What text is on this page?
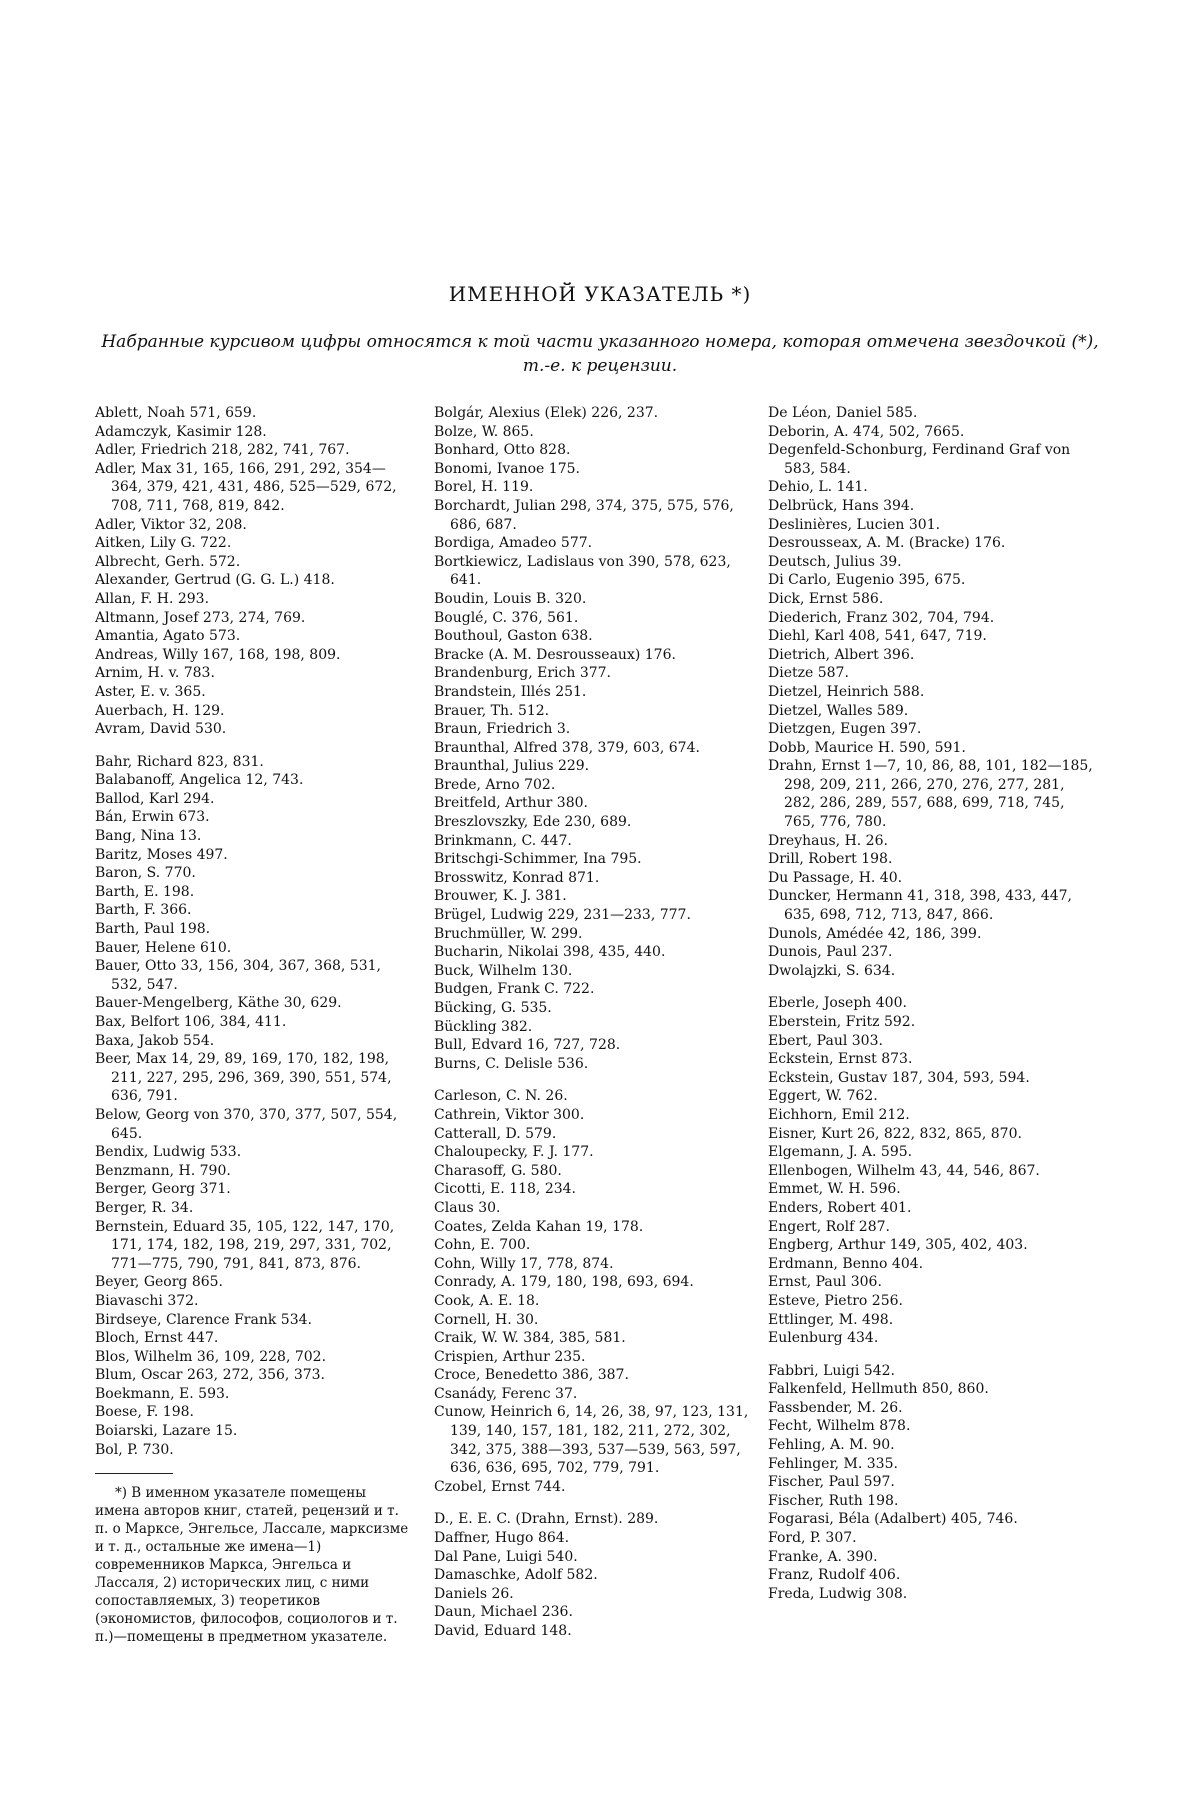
ИМЕННОЙ УКАЗАТЕЛЬ *)
Набранные курсивом цифры относятся к той части указанного номера, которая отмечена звездочкой (*), т.-е. к рецензии.
Ablett, Noah 571, 659.
Adamczyk, Kasimir 128.
Adler, Friedrich 218, 282, 741, 767.
Adler, Max 31, 165, 166, 291, 292, 354—364, 379, 421, 431, 486, 525—529, 672, 708, 711, 768, 819, 842.
Adler, Viktor 32, 208.
Aitken, Lily G. 722.
Albrecht, Gerh. 572.
Alexander, Gertrud (G. G. L.) 418.
Allan, F. H. 293.
Altmann, Josef 273, 274, 769.
Amantia, Agato 573.
Andreas, Willy 167, 168, 198, 809.
Arnim, H. v. 783.
Aster, E. v. 365.
Auerbach, H. 129.
Avram, David 530.
Bahr, Richard 823, 831.
Balabanoff, Angelica 12, 743.
Ballod, Karl 294.
Bán, Erwin 673.
Bang, Nina 13.
Baritz, Moses 497.
Baron, S. 770.
Barth, E. 198.
Barth, F. 366.
Barth, Paul 198.
Bauer, Helene 610.
Bauer, Otto 33, 156, 304, 367, 368, 531, 532, 547.
Bauer-Mengelberg, Käthe 30, 629.
Bax, Belfort 106, 384, 411.
Baxa, Jakob 554.
Beer, Max 14, 29, 89, 169, 170, 182, 198, 211, 227, 295, 296, 369, 390, 551, 574, 636, 791.
Below, Georg von 370, 370, 377, 507, 554, 645.
Bendix, Ludwig 533.
Benzmann, H. 790.
Berger, Georg 371.
Berger, R. 34.
Bernstein, Eduard 35, 105, 122, 147, 170, 171, 174, 182, 198, 219, 297, 331, 702, 771—775, 790, 791, 841, 873, 876.
Beyer, Georg 865.
Biavaschi 372.
Birdseye, Clarence Frank 534.
Bloch, Ernst 447.
Blos, Wilhelm 36, 109, 228, 702.
Blum, Oscar 263, 272, 356, 373.
Boekmann, E. 593.
Boese, F. 198.
Boiarski, Lazare 15.
Bol, P. 730.
*) В именном указателе помещены имена авторов книг, статей, рецензий и т. п. о Марксе, Энгельсе, Лассале, марксизме и т. д., остальные же имена—1) современников Маркса, Энгельса и Лассаля, 2) исторических лиц, с ними сопоставляемых, 3) теоретиков (экономистов, философов, социологов и т. п.)—помещены в предметном указателе.
Bolgár, Alexius (Elek) 226, 237.
Bolze, W. 865.
Bonhard, Otto 828.
Bonomi, Ivanoe 175.
Borel, H. 119.
Borchardt, Julian 298, 374, 375, 575, 576, 686, 687.
Bordiga, Amadeo 577.
Bortkiewicz, Ladislaus von 390, 578, 623, 641.
Boudin, Louis B. 320.
Bouglé, C. 376, 561.
Bouthoul, Gaston 638.
Bracke (A. M. Desrousseaux) 176.
Brandenburg, Erich 377.
Brandstein, Illés 251.
Brauer, Th. 512.
Braun, Friedrich 3.
Braunthal, Alfred 378, 379, 603, 674.
Braunthal, Julius 229.
Brede, Arno 702.
Breitfeld, Arthur 380.
Breszlovszky, Ede 230, 689.
Brinkmann, C. 447.
Britschgi-Schimmer, Ina 795.
Brosswitz, Konrad 871.
Brouwer, K. J. 381.
Brügel, Ludwig 229, 231—233, 777.
Bruchmüller, W. 299.
Bucharin, Nikolai 398, 435, 440.
Buck, Wilhelm 130.
Budgen, Frank C. 722.
Bücking, G. 535.
Bückling 382.
Bull, Edvard 16, 727, 728.
Burns, C. Delisle 536.
Carleson, C. N. 26.
Cathrein, Viktor 300.
Catterall, D. 579.
Chaloupecky, F. J. 177.
Charasoff, G. 580.
Cicotti, E. 118, 234.
Claus 30.
Coates, Zelda Kahan 19, 178.
Cohn, E. 700.
Cohn, Willy 17, 778, 874.
Conrady, A. 179, 180, 198, 693, 694.
Cook, A. E. 18.
Cornell, H. 30.
Craik, W. W. 384, 385, 581.
Crispien, Arthur 235.
Croce, Benedetto 386, 387.
Csanády, Ferenc 37.
Cunow, Heinrich 6, 14, 26, 38, 97, 123, 131, 139, 140, 157, 181, 182, 211, 272, 302, 342, 375, 388—393, 537—539, 563, 597, 636, 636, 695, 702, 779, 791.
Czobel, Ernst 744.
D., E. E. C. (Drahn, Ernst). 289.
Daffner, Hugo 864.
Dal Pane, Luigi 540.
Damaschke, Adolf 582.
Daniels 26.
Daun, Michael 236.
David, Eduard 148.
De Léon, Daniel 585.
Deborin, A. 474, 502, 7665.
Degenfeld-Schonburg, Ferdinand Graf von 583, 584.
Dehio, L. 141.
Delbrück, Hans 394.
Deslinières, Lucien 301.
Desrousseax, A. M. (Bracke) 176.
Deutsch, Julius 39.
Di Carlo, Eugenio 395, 675.
Dick, Ernst 586.
Diederich, Franz 302, 704, 794.
Diehl, Karl 408, 541, 647, 719.
Dietrich, Albert 396.
Dietze 587.
Dietzel, Heinrich 588.
Dietzel, Walles 589.
Dietzgen, Eugen 397.
Dobb, Maurice H. 590, 591.
Drahn, Ernst 1—7, 10, 86, 88, 101, 182—185, 298, 209, 211, 266, 270, 276, 277, 281, 282, 286, 289, 557, 688, 699, 718, 745, 765, 776, 780.
Dreyhaus, H. 26.
Drill, Robert 198.
Du Passage, H. 40.
Duncker, Hermann 41, 318, 398, 433, 447, 635, 698, 712, 713, 847, 866.
Dunols, Amédée 42, 186, 399.
Dunois, Paul 237.
Dwolajzki, S. 634.
Eberle, Joseph 400.
Eberstein, Fritz 592.
Ebert, Paul 303.
Eckstein, Ernst 873.
Eckstein, Gustav 187, 304, 593, 594.
Eggert, W. 762.
Eichhorn, Emil 212.
Eisner, Kurt 26, 822, 832, 865, 870.
Elgemann, J. A. 595.
Ellenbogen, Wilhelm 43, 44, 546, 867.
Emmet, W. H. 596.
Enders, Robert 401.
Engert, Rolf 287.
Engberg, Arthur 149, 305, 402, 403.
Erdmann, Benno 404.
Ernst, Paul 306.
Esteve, Pietro 256.
Ettlinger, M. 498.
Eulenburg 434.
Fabbri, Luigi 542.
Falkenfeld, Hellmuth 850, 860.
Fassbender, M. 26.
Fecht, Wilhelm 878.
Fehling, A. M. 90.
Fehlinger, M. 335.
Fischer, Paul 597.
Fischer, Ruth 198.
Fogarasi, Béla (Adalbert) 405, 746.
Ford, P. 307.
Franke, A. 390.
Franz, Rudolf 406.
Freda, Ludwig 308.
